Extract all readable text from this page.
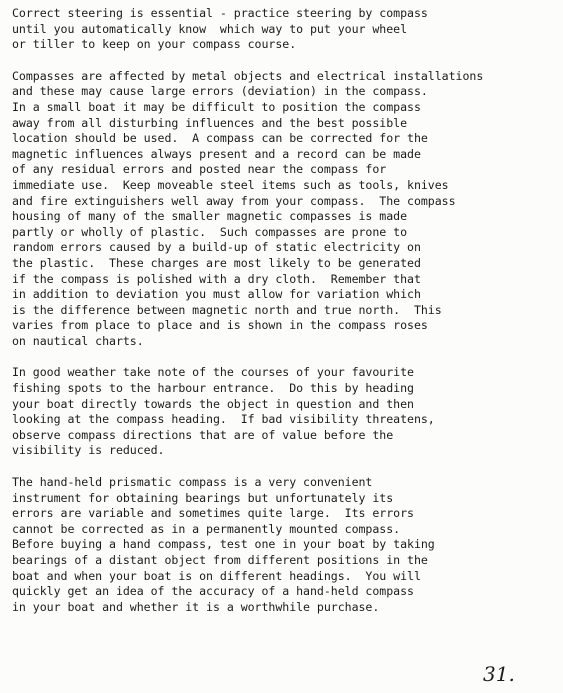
Correct steering is essential - practice steering by compass
until you automatically know  which way to put your wheel
or tiller to keep on your compass course.
Compasses are affected by metal objects and electrical installations
and these may cause large errors (deviation) in the compass.
In a small boat it may be difficult to position the compass
away from all disturbing influences and the best possible
location should be used.  A compass can be corrected for the
magnetic influences always present and a record can be made
of any residual errors and posted near the compass for
immediate use.  Keep moveable steel items such as tools, knives
and fire extinguishers well away from your compass.  The compass
housing of many of the smaller magnetic compasses is made
partly or wholly of plastic.  Such compasses are prone to
random errors caused by a build-up of static electricity on
the plastic.  These charges are most likely to be generated
if the compass is polished with a dry cloth.  Remember that
in addition to deviation you must allow for variation which
is the difference between magnetic north and true north.  This
varies from place to place and is shown in the compass roses
on nautical charts.
In good weather take note of the courses of your favourite
fishing spots to the harbour entrance.  Do this by heading
your boat directly towards the object in question and then
looking at the compass heading.  If bad visibility threatens,
observe compass directions that are of value before the
visibility is reduced.
The hand-held prismatic compass is a very convenient
instrument for obtaining bearings but unfortunately its
errors are variable and sometimes quite large.  Its errors
cannot be corrected as in a permanently mounted compass.
Before buying a hand compass, test one in your boat by taking
bearings of a distant object from different positions in the
boat and when your boat is on different headings.  You will
quickly get an idea of the accuracy of a hand-held compass
in your boat and whether it is a worthwhile purchase.
31.
